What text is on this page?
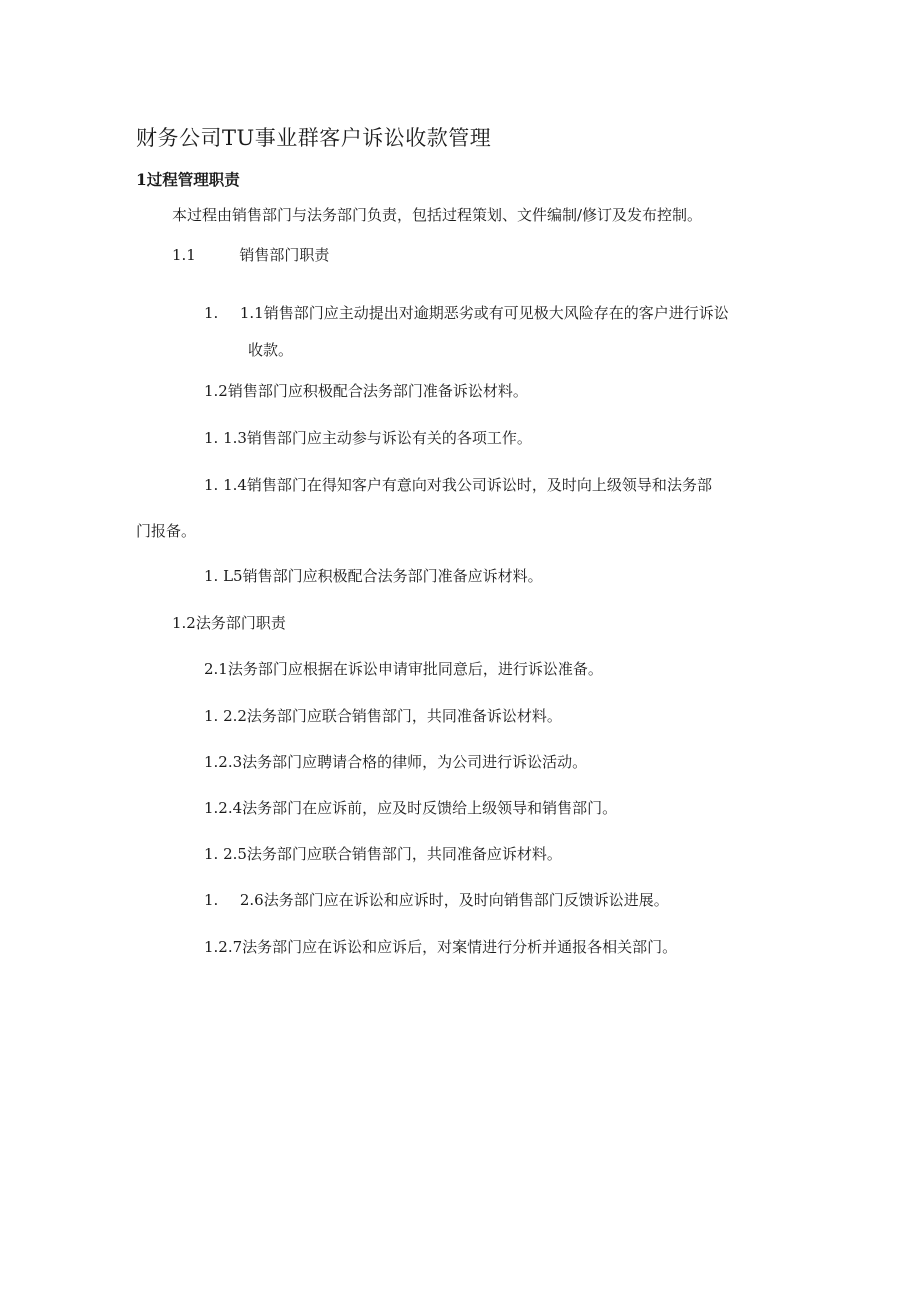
财务公司TU事业群客户诉讼收款管理
1过程管理职责
本过程由销售部门与法务部门负责，包括过程策划、文件编制/修订及发布控制。
1.1	销售部门职责
1. 1.1销售部门应主动提出对逾期恶劣或有可见极大风险存在的客户进行诉讼
收款。
1.2销售部门应积极配合法务部门准备诉讼材料。
1. 1.3销售部门应主动参与诉讼有关的各项工作。
1. 1.4销售部门在得知客户有意向对我公司诉讼时，及时向上级领导和法务部
门报备。
1. L5销售部门应积极配合法务部门准备应诉材料。
1.2法务部门职责
2.1法务部门应根据在诉讼申请审批同意后，进行诉讼准备。
1. 2.2法务部门应联合销售部门，共同准备诉讼材料。
1.2.3法务部门应聘请合格的律师，为公司进行诉讼活动。
1.2.4法务部门在应诉前，应及时反馈给上级领导和销售部门。
1. 2.5法务部门应联合销售部门，共同准备应诉材料。
1. 2.6法务部门应在诉讼和应诉时，及时向销售部门反馈诉讼进展。
1.2.7法务部门应在诉讼和应诉后，对案情进行分析并通报各相关部门。
